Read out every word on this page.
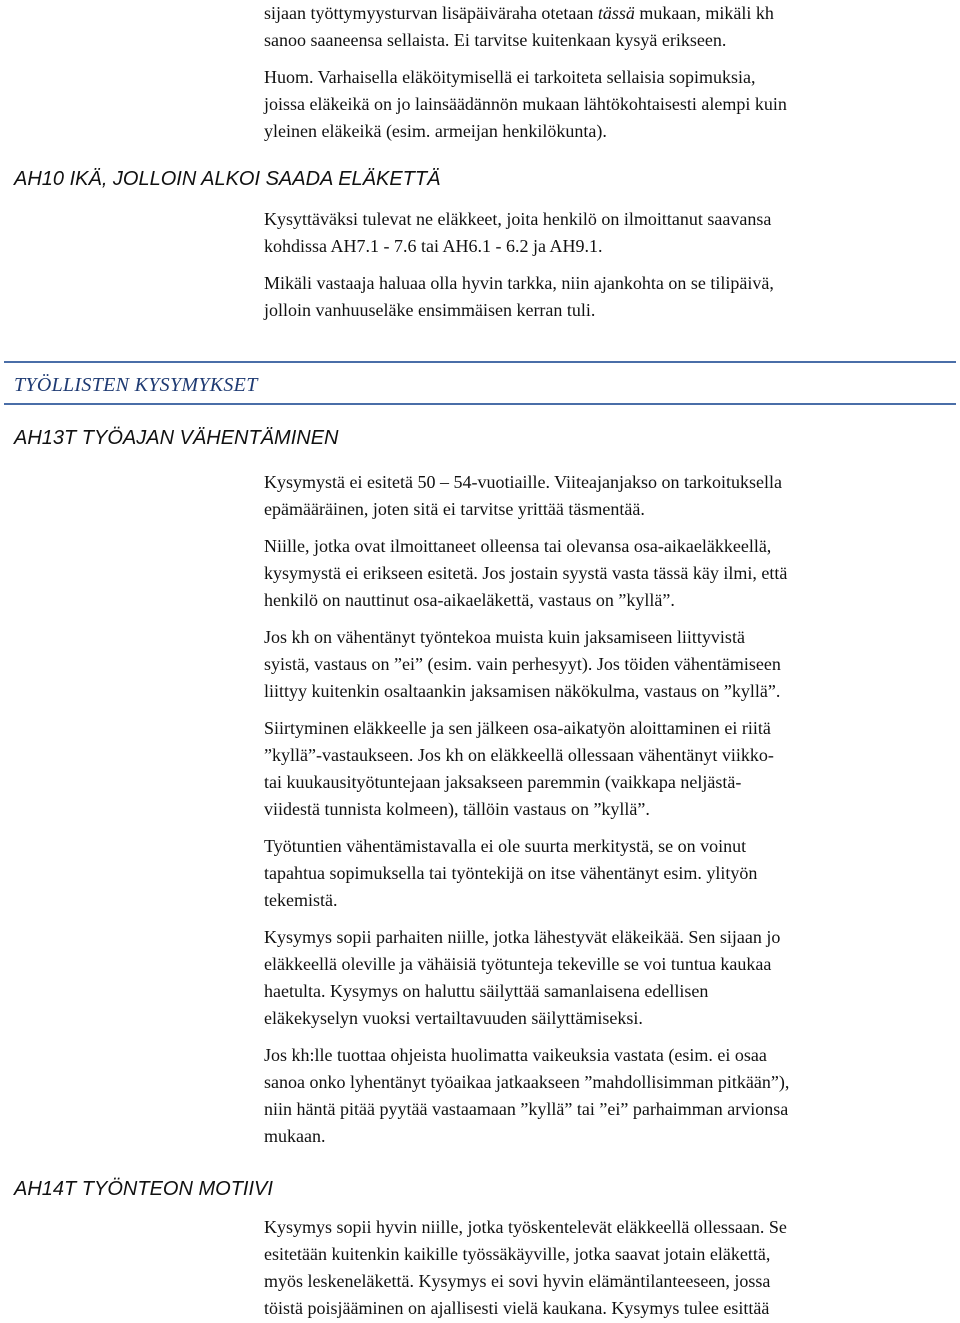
sijaan työttymyysturvan lisäpäiväraha otetaan tässä mukaan, mikäli kh
sanoo saaneensa sellaista. Ei tarvitse kuitenkaan kysyä erikseen.

Huom. Varhaisella eläköitymisellä ei tarkoiteta sellaisia sopimuksia,
joissa eläkeikä on jo lainsäädännön mukaan lähtökohtaisesti alempi kuin
yleinen eläkeikä (esim. armeijan henkilökunta).

AH10 IKÄ, JOLLOIN ALKOI SAADA ELÄKETTÄ

Kysyttäväksi tulevat ne eläkkeet, joita henkilö on ilmoittanut saavansa
kohdissa AH7.1 - 7.6 tai AH6.1 - 6.2 ja AH9.1.

Mikäli vastaaja haluaa olla hyvin tarkka, niin ajankohta on se tilipäivä,
jolloin vanhuuseläke ensimmäisen kerran tuli.

TYÖLLISTEN KYSYMYKSET
AH13T TYÖAJAN VÄHENTÄMINEN

Kysymystä ei esitetä 50 – 54-vuotiaille. Viiteajanjakso on tarkoituksella
epämääräinen, joten sitä ei tarvitse yrittää täsmentää.

Niille, jotka ovat ilmoittaneet olleensa tai olevansa osa-aikaeläkkeellä,
kysymystä ei erikseen esitetä. Jos jostain syystä vasta tässä käy ilmi, että
henkilö on nauttinut osa-aikaeläkettä, vastaus on ”kyllä”.

Jos kh on vähentänyt työntekoa muista kuin jaksamiseen liittyvistä
syistä, vastaus on ”ei” (esim. vain perhesyyt). Jos töiden vähentämiseen
liittyy kuitenkin osaltaankin jaksamisen näkökulma, vastaus on ”kyllä”.

Siirtyminen eläkkeelle ja sen jälkeen osa-aikatyön aloittaminen ei riitä
”kyllä”-vastaukseen. Jos kh on eläkkeellä ollessaan vähentänyt viikko-
tai kuukausityötuntejaan jaksakseen paremmin (vaikkapa neljästä-
viidestä tunnista kolmeen), tällöin vastaus on ”kyllä”.

Työtuntien vähentämistavalla ei ole suurta merkitystä, se on voinut
tapahtua sopimuksella tai työntekijä on itse vähentänyt esim. ylityön
tekemistä.

Kysymys sopii parhaiten niille, jotka lähestyvät eläkeikää. Sen sijaan jo
eläkkeellä oleville ja vähäisiä työtunteja tekeville se voi tuntua kaukaa
haetulta. Kysymys on haluttu säilyttää samanlaisena edellisen
eläkekyselyn vuoksi vertailtavuuden säilyttämiseksi.

Jos kh:lle tuottaa ohjeista huolimatta vaikeuksia vastata (esim. ei osaa
sanoa onko lyhentänyt työaikaa jatkaakseen ”mahdollisimman pitkään”),
niin häntä pitää pyytää vastaamaan ”kyllä” tai ”ei” parhaimman arvionsa
mukaan.

AH14T TYÖNTEON MOTIIVI

Kysymys sopii hyvin niille, jotka työskentelevät eläkkeellä ollessaan. Se
esitetään kuitenkin kaikille työssäkäyville, jotka saavat jotain eläkettä,
myös leskeneläkettä. Kysymys ei sovi hyvin elämäntilanteeseen, jossa
töistä poisjääminen on ajallisesti vielä kaukana. Kysymys tulee esittää
